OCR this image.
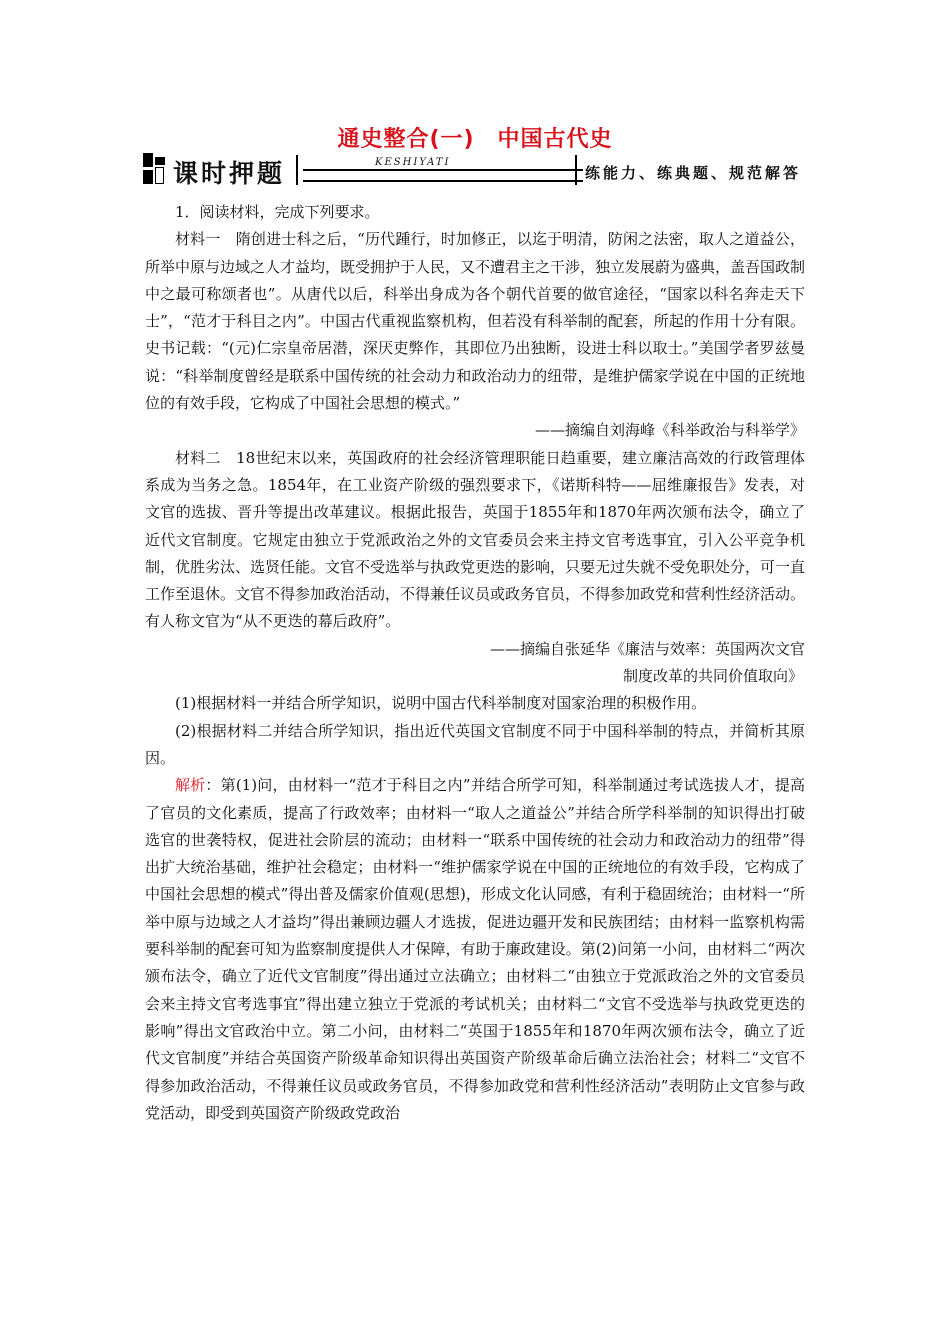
通史整合(一)　中国古代史
课时押题	KESHIYATI
练能力、练典题、规范解答

1．阅读材料，完成下列要求。

材料一　隋创进士科之后，“历代踵行，时加修正，以迄于明清，防闲之法密，取人之道益公，所举中原与边域之人才益均，既受拥护于人民，又不遭君主之干涉，独立发展蔚为盛典，盖吾国政制中之最可称颂者也”。从唐代以后，科举出身成为各个朝代首要的做官途径，“国家以科名奔走天下士”，“范才于科目之内”。中国古代重视监察机构，但若没有科举制的配套，所起的作用十分有限。史书记载：“(元)仁宗皇帝居潜，深厌吏弊作，其即位乃出独断，设进士科以取士。”美国学者罗兹曼说：“科举制度曾经是联系中国传统的社会动力和政治动力的纽带，是维护儒家学说在中国的正统地位的有效手段，它构成了中国社会思想的模式。”

——摘编自刘海峰《科举政治与科举学》

材料二　18世纪末以来，英国政府的社会经济管理职能日趋重要，建立廉洁高效的行政管理体系成为当务之急。1854年，在工业资产阶级的强烈要求下，《诺斯科特——屈维廉报告》发表，对文官的选拔、晋升等提出改革建议。根据此报告，英国于1855年和1870年两次颁布法令，确立了近代文官制度。它规定由独立于党派政治之外的文官委员会来主持文官考选事宜，引入公平竞争机制，优胜劣汰、选贤任能。文官不受选举与执政党更迭的影响，只要无过失就不受免职处分，可一直工作至退休。文官不得参加政治活动，不得兼任议员或政务官员，不得参加政党和营利性经济活动。有人称文官为“从不更迭的幕后政府”。

——摘编自张延华《廉洁与效率：英国两次文官

制度改革的共同价值取向》

(1)根据材料一并结合所学知识，说明中国古代科举制度对国家治理的积极作用。

(2)根据材料二并结合所学知识，指出近代英国文官制度不同于中国科举制的特点，并简析其原因。

解析：第(1)问，由材料一“范才于科目之内”并结合所学可知，科举制通过考试选拔人才，提高了官员的文化素质，提高了行政效率；由材料一“取人之道益公”并结合所学科举制的知识得出打破选官的世袭特权，促进社会阶层的流动；由材料一“联系中国传统的社会动力和政治动力的纽带”得出扩大统治基础，维护社会稳定；由材料一“维护儒家学说在中国的正统地位的有效手段，它构成了中国社会思想的模式”得出普及儒家价值观(思想)，形成文化认同感，有利于稳固统治；由材料一“所举中原与边域之人才益均”得出兼顾边疆人才选拔，促进边疆开发和民族团结；由材料一监察机构需要科举制的配套可知为监察制度提供人才保障，有助于廉政建设。第(2)问第一小问，由材料二“两次颁布法令，确立了近代文官制度”得出通过立法确立；由材料二“由独立于党派政治之外的文官委员会来主持文官考选事宜”得出建立独立于党派的考试机关；由材料二“文官不受选举与执政党更迭的影响”得出文官政治中立。第二小问，由材料二“英国于1855年和1870年两次颁布法令，确立了近代文官制度”并结合英国资产阶级革命知识得出英国资产阶级革命后确立法治社会；材料二“文官不得参加政治活动，不得兼任议员或政务官员，不得参加政党和营利性经济活动”表明防止文官参与政党活动，即受到英国资产阶级政党政治
